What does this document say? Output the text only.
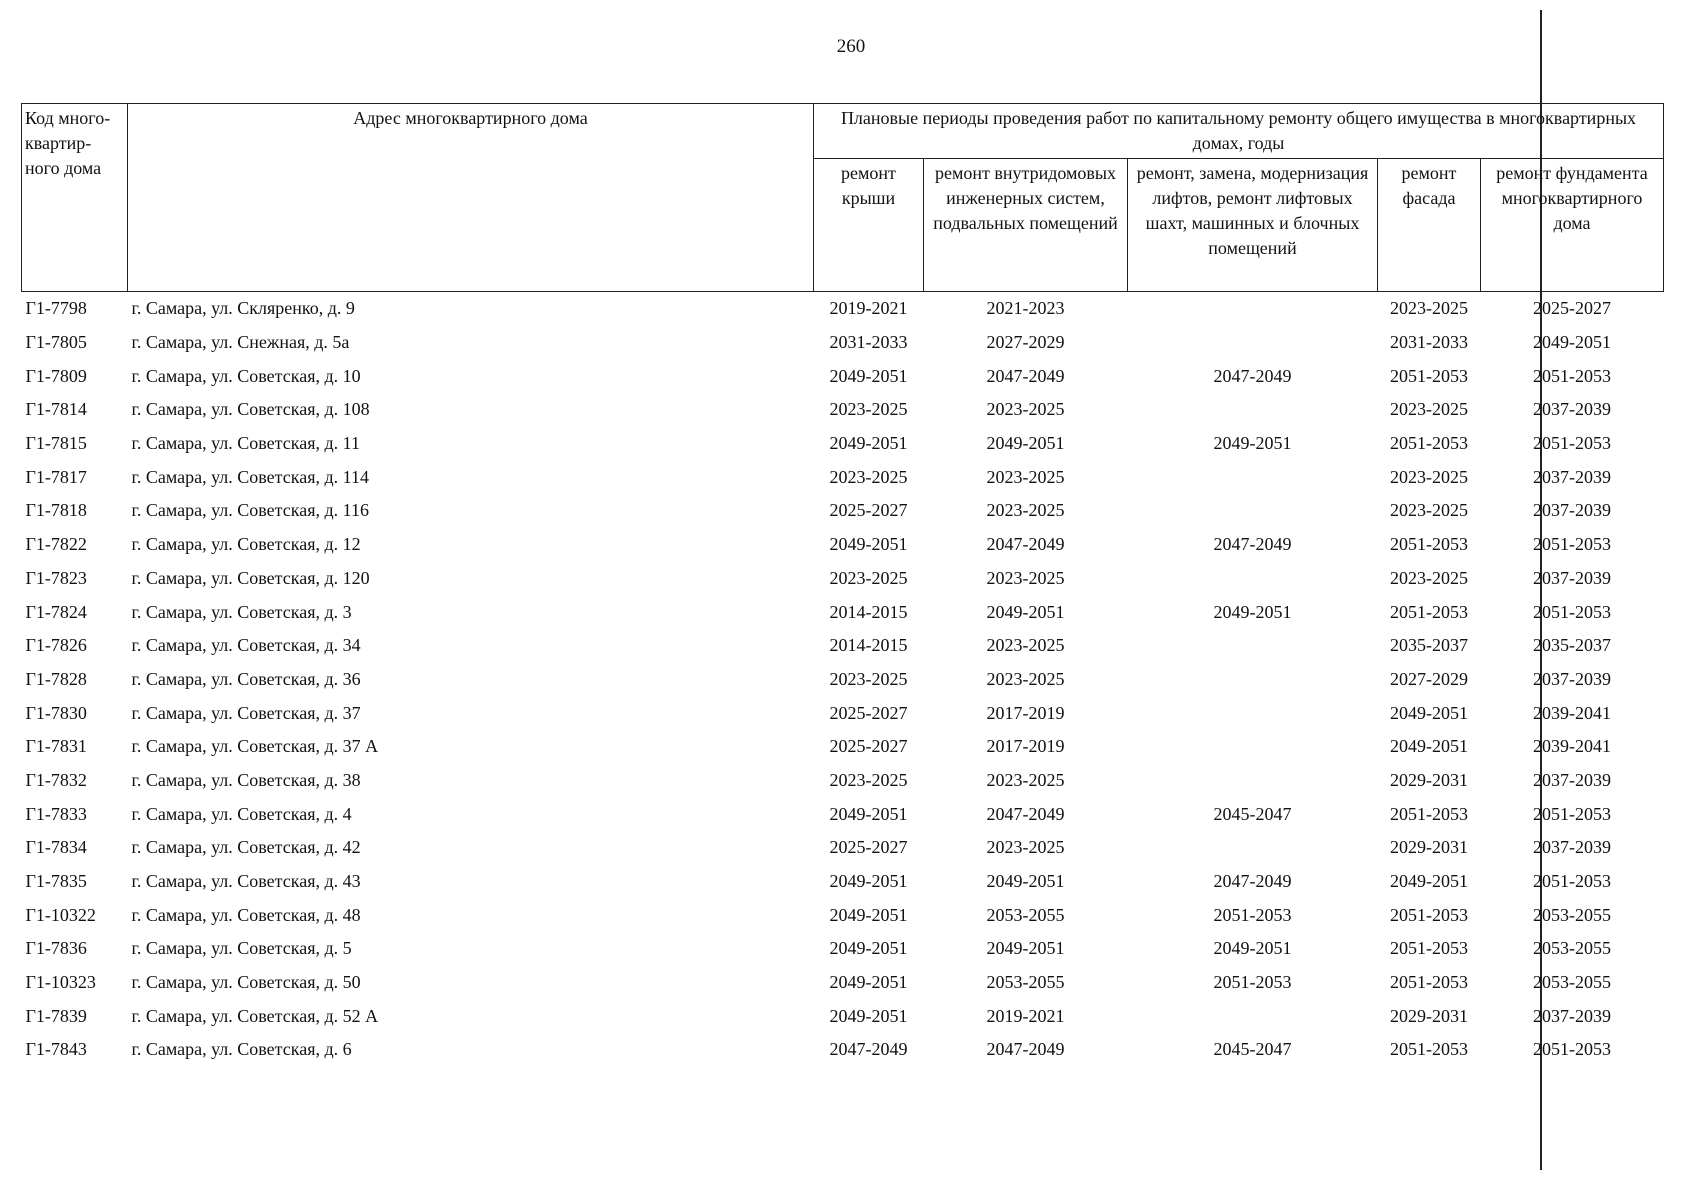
260
Код много-квартир-ного дома	Адрес многоквартирного дома	Плановые периоды проведения работ по капитальному ремонту общего имущества в многоквартирных домах, годы				
		ремонт крыши	ремонт внутридомовых инженерных систем, подвальных помещений	ремонт, замена, модернизация лифтов, ремонт лифтовых шахт, машинных и блочных помещений	ремонт фасада	ремонт фундамента многоквартирного дома
Г1-7798	г. Самара, ул. Скляренко, д. 9	2019-2021	2021-2023		2023-2025	2025-2027
Г1-7805	г. Самара, ул. Снежная, д. 5а	2031-2033	2027-2029		2031-2033	2049-2051
Г1-7809	г. Самара, ул. Советская, д. 10	2049-2051	2047-2049	2047-2049	2051-2053	2051-2053
Г1-7814	г. Самара, ул. Советская, д. 108	2023-2025	2023-2025		2023-2025	2037-2039
Г1-7815	г. Самара, ул. Советская, д. 11	2049-2051	2049-2051	2049-2051	2051-2053	2051-2053
Г1-7817	г. Самара, ул. Советская, д. 114	2023-2025	2023-2025		2023-2025	2037-2039
Г1-7818	г. Самара, ул. Советская, д. 116	2025-2027	2023-2025		2023-2025	2037-2039
Г1-7822	г. Самара, ул. Советская, д. 12	2049-2051	2047-2049	2047-2049	2051-2053	2051-2053
Г1-7823	г. Самара, ул. Советская, д. 120	2023-2025	2023-2025		2023-2025	2037-2039
Г1-7824	г. Самара, ул. Советская, д. 3	2014-2015	2049-2051	2049-2051	2051-2053	2051-2053
Г1-7826	г. Самара, ул. Советская, д. 34	2014-2015	2023-2025		2035-2037	2035-2037
Г1-7828	г. Самара, ул. Советская, д. 36	2023-2025	2023-2025		2027-2029	2037-2039
Г1-7830	г. Самара, ул. Советская, д. 37	2025-2027	2017-2019		2049-2051	2039-2041
Г1-7831	г. Самара, ул. Советская, д. 37 А	2025-2027	2017-2019		2049-2051	2039-2041
Г1-7832	г. Самара, ул. Советская, д. 38	2023-2025	2023-2025		2029-2031	2037-2039
Г1-7833	г. Самара, ул. Советская, д. 4	2049-2051	2047-2049	2045-2047	2051-2053	2051-2053
Г1-7834	г. Самара, ул. Советская, д. 42	2025-2027	2023-2025		2029-2031	2037-2039
Г1-7835	г. Самара, ул. Советская, д. 43	2049-2051	2049-2051	2047-2049	2049-2051	2051-2053
Г1-10322	г. Самара, ул. Советская, д. 48	2049-2051	2053-2055	2051-2053	2051-2053	2053-2055
Г1-7836	г. Самара, ул. Советская, д. 5	2049-2051	2049-2051	2049-2051	2051-2053	2053-2055
Г1-10323	г. Самара, ул. Советская, д. 50	2049-2051	2053-2055	2051-2053	2051-2053	2053-2055
Г1-7839	г. Самара, ул. Советская, д. 52 А	2049-2051	2019-2021		2029-2031	2037-2039
Г1-7843	г. Самара, ул. Советская, д. 6	2047-2049	2047-2049	2045-2047	2051-2053	2051-2053
